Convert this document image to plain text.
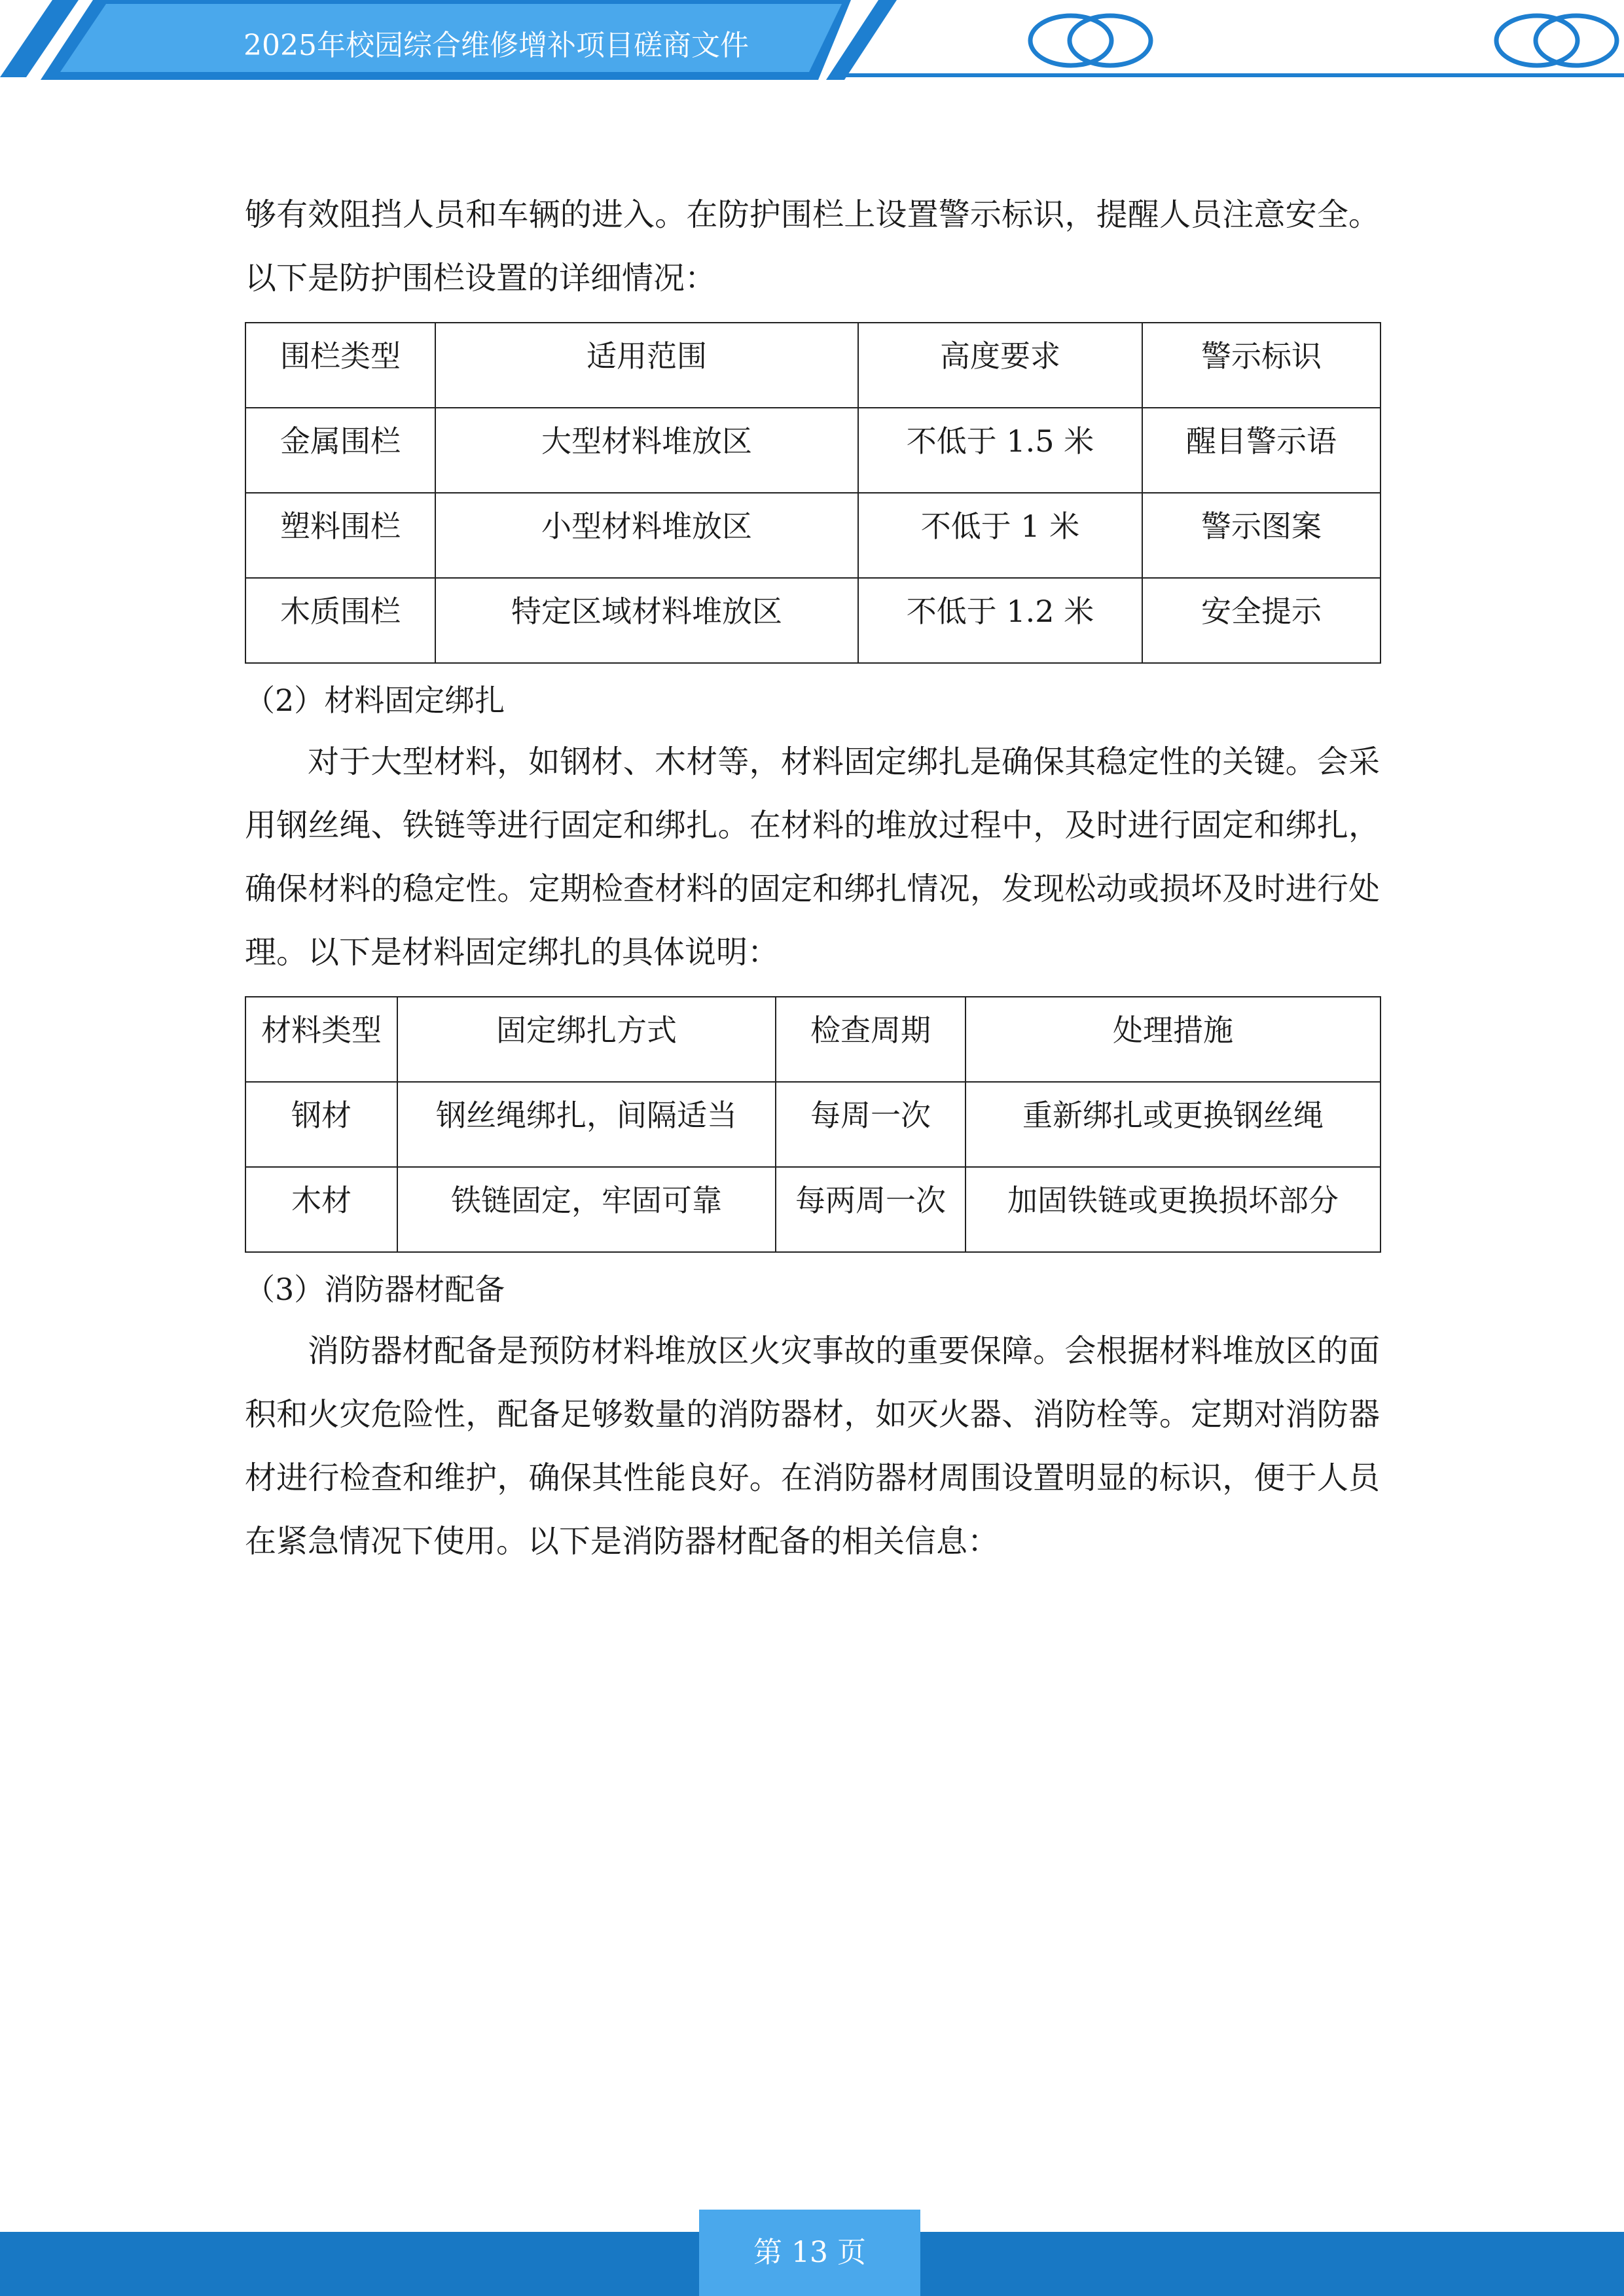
2025年校园综合维修增补项目磋商文件

够有效阻挡人员和车辆的进入。在防护围栏上设置警示标识，提醒人员注意安全。以下是防护围栏设置的详细情况：

围栏类型	适用范围	高度要求	警示标识
金属围栏	大型材料堆放区	不低于 1.5 米	醒目警示语
塑料围栏	小型材料堆放区	不低于 1 米	警示图案
木质围栏	特定区域材料堆放区	不低于 1.2 米	安全提示

（2）材料固定绑扎

对于大型材料，如钢材、木材等，材料固定绑扎是确保其稳定性的关键。会采用钢丝绳、铁链等进行固定和绑扎。在材料的堆放过程中，及时进行固定和绑扎，确保材料的稳定性。定期检查材料的固定和绑扎情况，发现松动或损坏及时进行处理。以下是材料固定绑扎的具体说明：

材料类型	固定绑扎方式	检查周期	处理措施
钢材	钢丝绳绑扎，间隔适当	每周一次	重新绑扎或更换钢丝绳
木材	铁链固定，牢固可靠	每两周一次	加固铁链或更换损坏部分

（3）消防器材配备

消防器材配备是预防材料堆放区火灾事故的重要保障。会根据材料堆放区的面积和火灾危险性，配备足够数量的消防器材，如灭火器、消防栓等。定期对消防器材进行检查和维护，确保其性能良好。在消防器材周围设置明显的标识，便于人员在紧急情况下使用。以下是消防器材配备的相关信息：

第 13 页
